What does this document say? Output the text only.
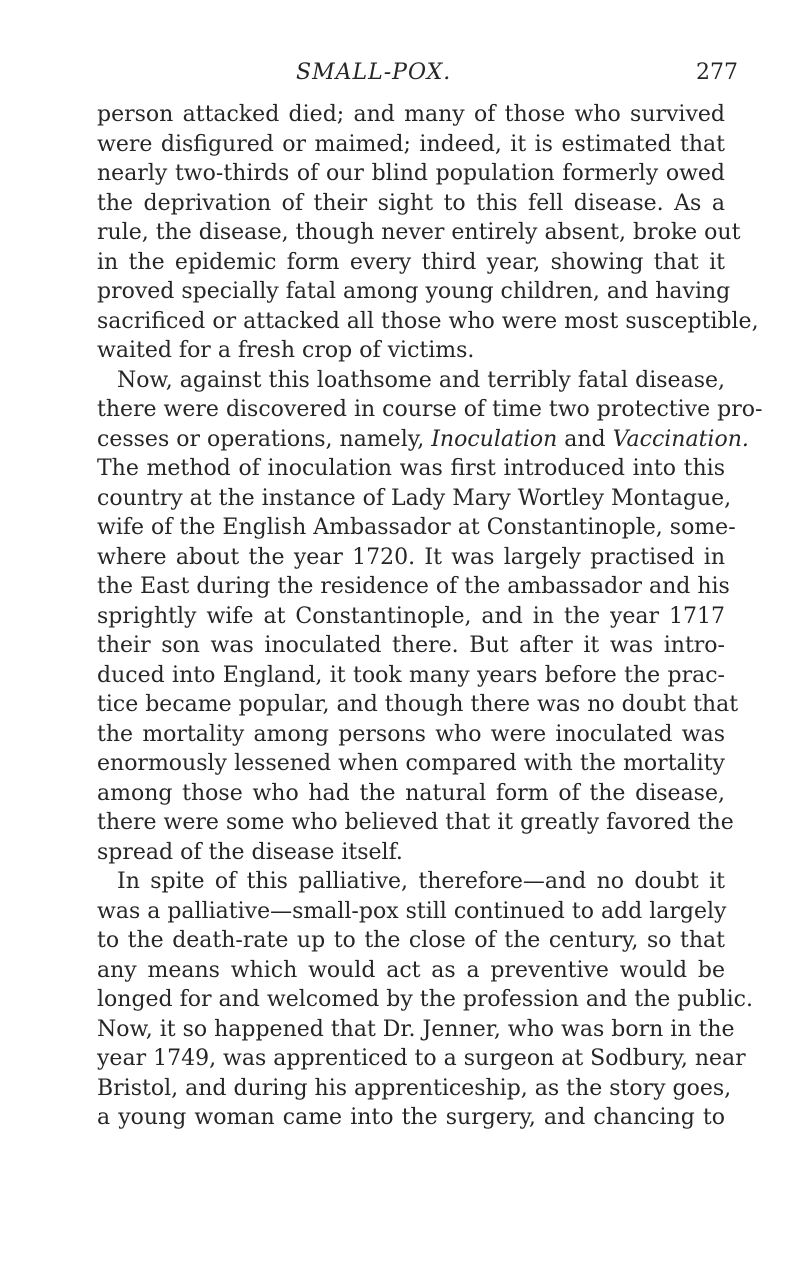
SMALL-POX.	277
person attacked died; and many of those who survived
were disfigured or maimed; indeed, it is estimated that
nearly two-thirds of our blind population formerly owed
the deprivation of their sight to this fell disease. As a
rule, the disease, though never entirely absent, broke out
in the epidemic form every third year, showing that it
proved specially fatal among young children, and having
sacrificed or attacked all those who were most susceptible,
waited for a fresh crop of victims.
Now, against this loathsome and terribly fatal disease,
there were discovered in course of time two protective pro-
cesses or operations, namely, Inoculation and Vaccination.
The method of inoculation was first introduced into this
country at the instance of Lady Mary Wortley Montague,
wife of the English Ambassador at Constantinople, some-
where about the year 1720. It was largely practised in
the East during the residence of the ambassador and his
sprightly wife at Constantinople, and in the year 1717
their son was inoculated there. But after it was intro-
duced into England, it took many years before the prac-
tice became popular, and though there was no doubt that
the mortality among persons who were inoculated was
enormously lessened when compared with the mortality
among those who had the natural form of the disease,
there were some who believed that it greatly favored the
spread of the disease itself.
In spite of this palliative, therefore—and no doubt it
was a palliative—small-pox still continued to add largely
to the death-rate up to the close of the century, so that
any means which would act as a preventive would be
longed for and welcomed by the profession and the public.
Now, it so happened that Dr. Jenner, who was born in the
year 1749, was apprenticed to a surgeon at Sodbury, near
Bristol, and during his apprenticeship, as the story goes,
a young woman came into the surgery, and chancing to
